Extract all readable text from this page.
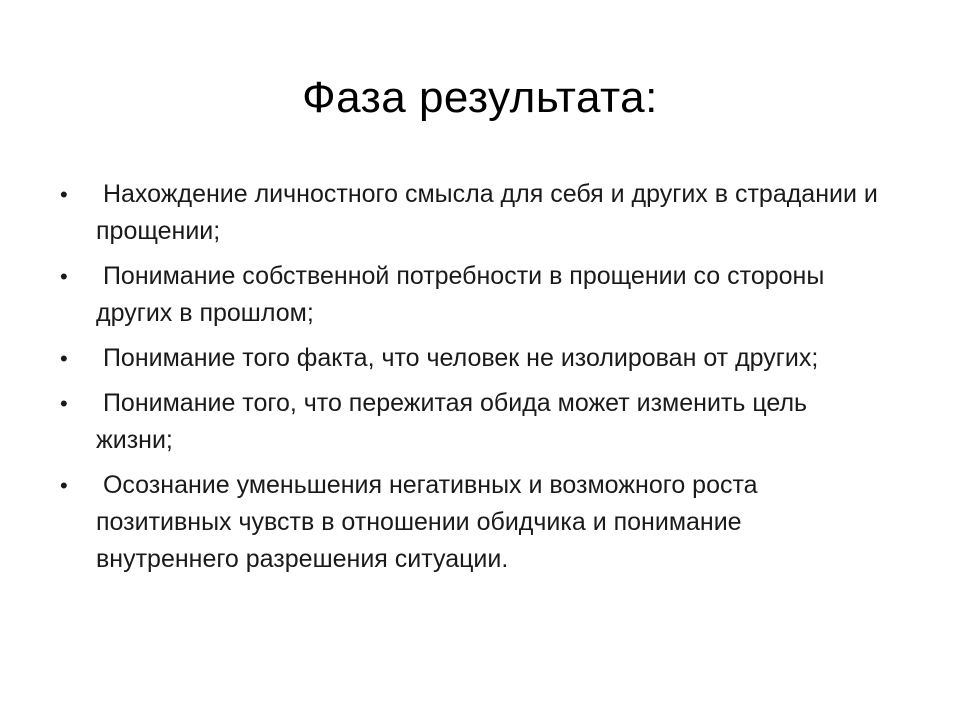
Фаза результата:
•	Нахождение личностного смысла для себя и других в страдании и прощении;
•	Понимание собственной потребности в прощении со стороны других в прошлом;
•	Понимание того факта, что человек не изолирован от других;
•	Понимание того, что пережитая обида может изменить цель жизни;
•	Осознание уменьшения негативных и возможного роста позитивных чувств в отношении обидчика и понимание внутреннего разрешения ситуации.
